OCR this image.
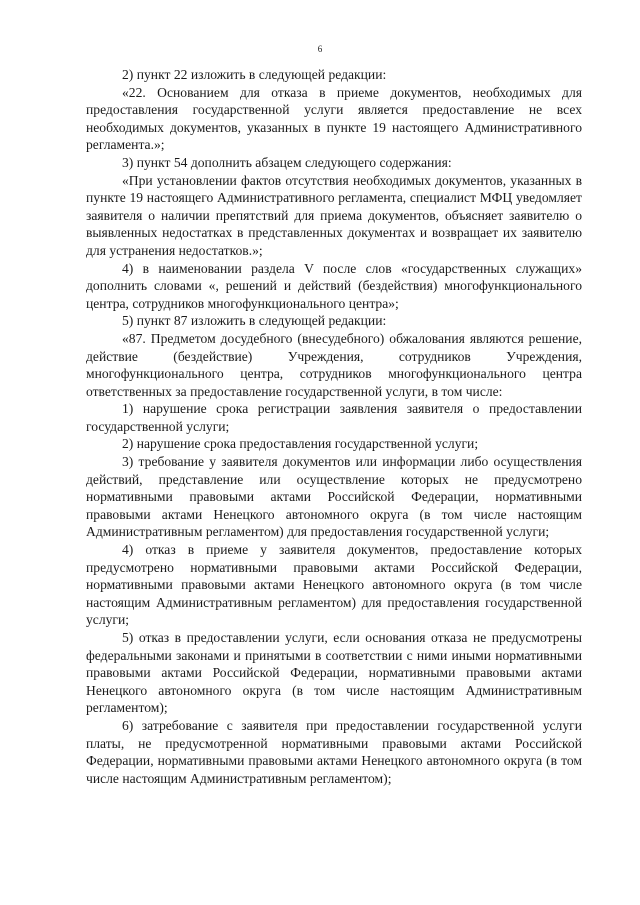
6

2) пункт 22 изложить в следующей редакции:

«22. Основанием для отказа в приеме документов, необходимых для предоставления государственной услуги является предоставление не всех необходимых документов, указанных в пункте 19 настоящего Административного регламента.»;

3) пункт 54 дополнить абзацем следующего содержания:

«При установлении фактов отсутствия необходимых документов, указанных в пункте 19 настоящего Административного регламента, специалист МФЦ уведомляет заявителя о наличии препятствий для приема документов, объясняет заявителю о выявленных недостатках в представленных документах и возвращает их заявителю для устранения недостатков.»;

4) в наименовании раздела V после слов «государственных служащих» дополнить словами «, решений и действий (бездействия) многофункционального центра, сотрудников многофункционального центра»;

5) пункт 87 изложить в следующей редакции:

«87. Предметом досудебного (внесудебного) обжалования являются решение, действие (бездействие) Учреждения, сотрудников Учреждения, многофункционального центра, сотрудников многофункционального центра ответственных за предоставление государственной услуги, в том числе:

1) нарушение срока регистрации заявления заявителя о предоставлении государственной услуги;

2) нарушение срока предоставления государственной услуги;

3) требование у заявителя документов или информации либо осуществления действий, представление или осуществление которых не предусмотрено нормативными правовыми актами Российской Федерации, нормативными правовыми актами Ненецкого автономного округа (в том числе настоящим Административным регламентом) для предоставления государственной услуги;

4) отказ в приеме у заявителя документов, предоставление которых предусмотрено нормативными правовыми актами Российской Федерации, нормативными правовыми актами Ненецкого автономного округа (в том числе настоящим Административным регламентом) для предоставления государственной услуги;

5) отказ в предоставлении услуги, если основания отказа не предусмотрены федеральными законами и принятыми в соответствии с ними иными нормативными правовыми актами Российской Федерации, нормативными правовыми актами Ненецкого автономного округа (в том числе настоящим Административным регламентом);

6) затребование с заявителя при предоставлении государственной услуги платы, не предусмотренной нормативными правовыми актами Российской Федерации, нормативными правовыми актами Ненецкого автономного округа (в том числе настоящим Административным регламентом);
